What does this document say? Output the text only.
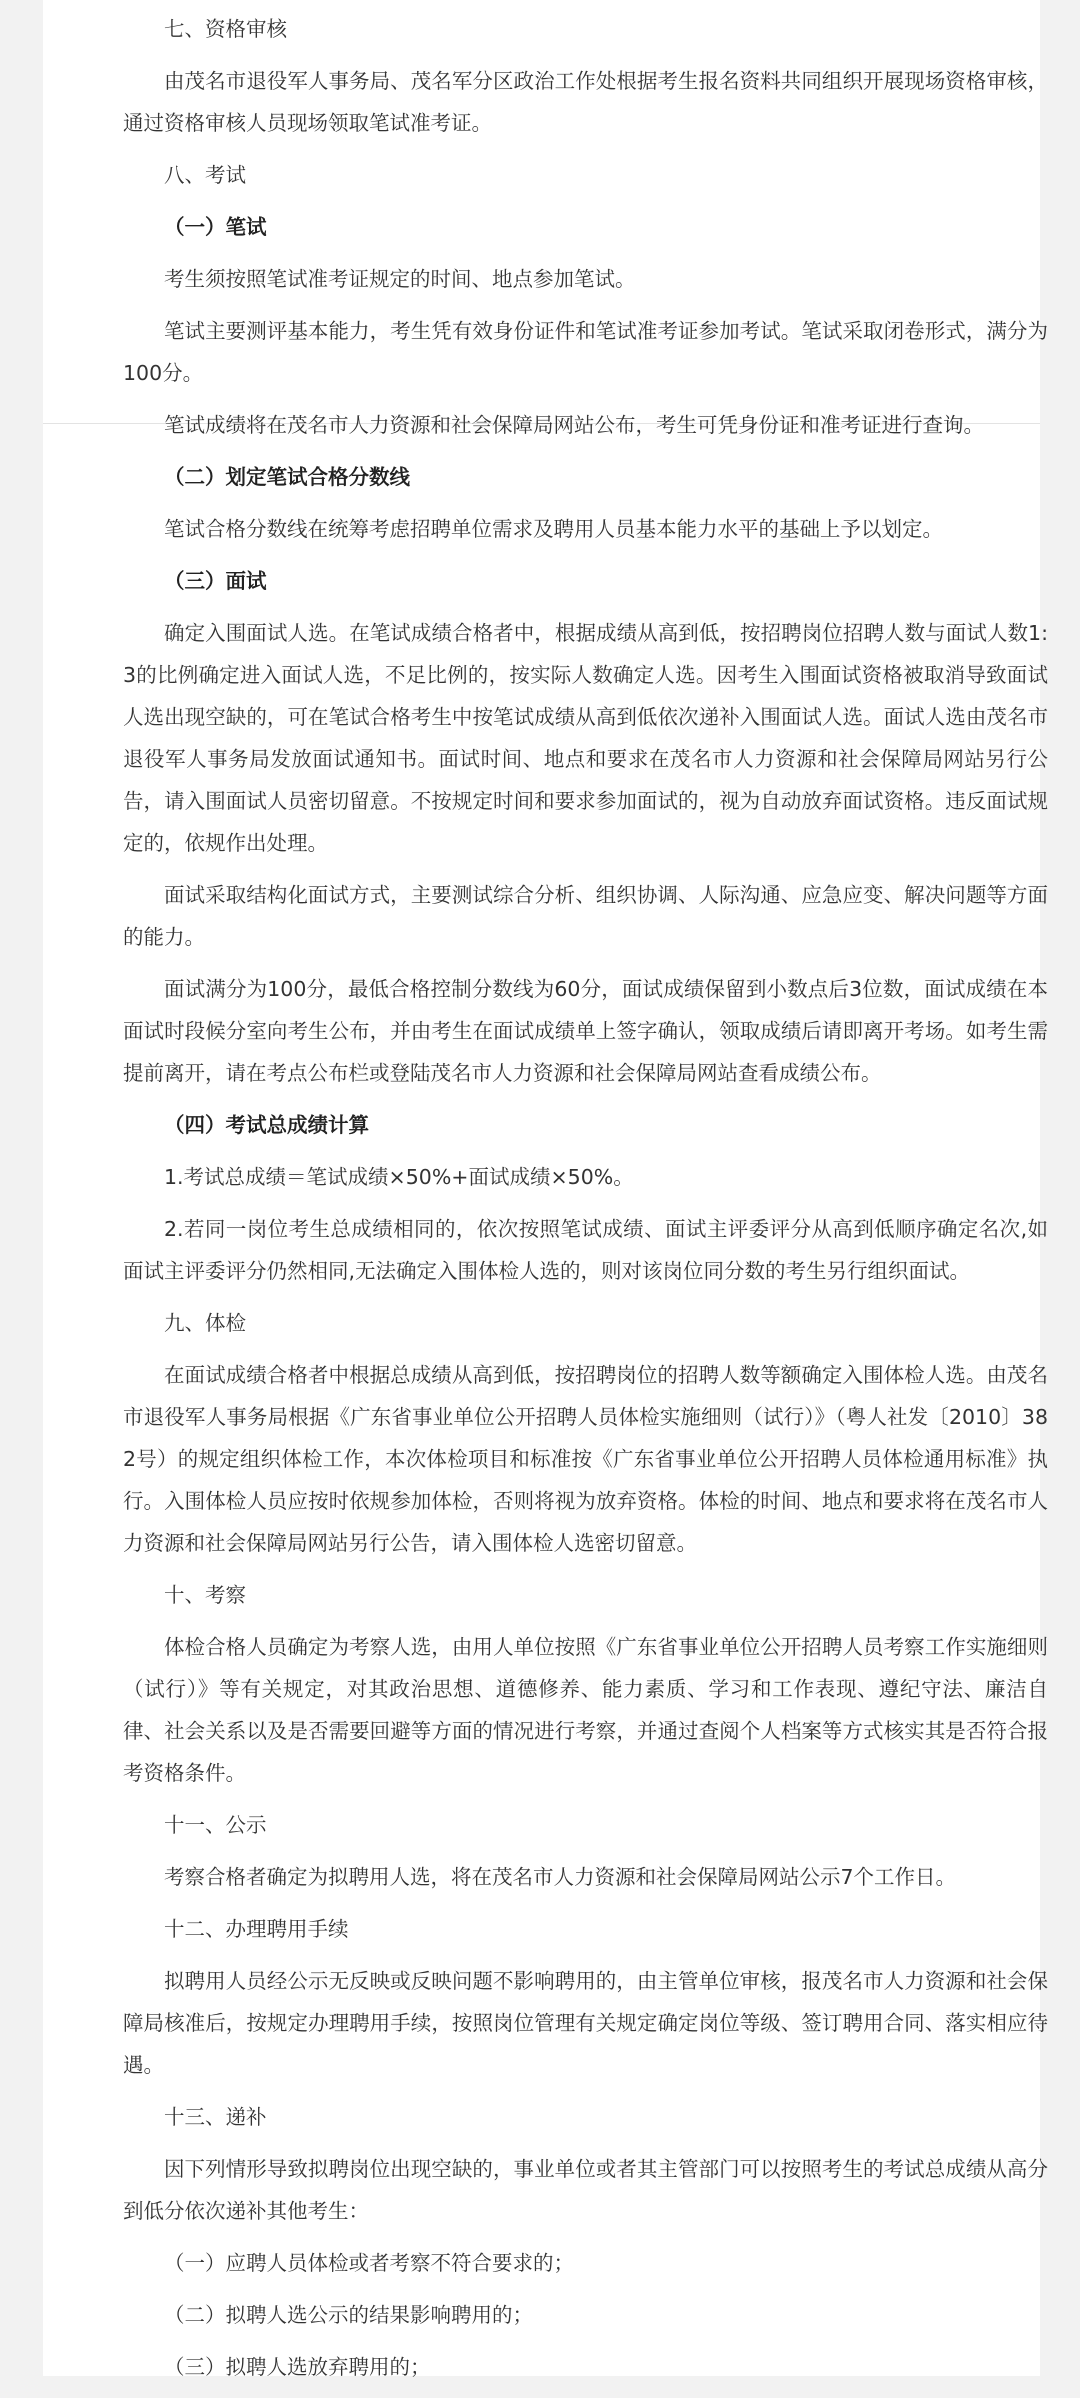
七、资格审核

由茂名市退役军人事务局、茂名军分区政治工作处根据考生报名资料共同组织开展现场资格审核，通过资格审核人员现场领取笔试准考证。

八、考试

（一）笔试

考生须按照笔试准考证规定的时间、地点参加笔试。

笔试主要测评基本能力，考生凭有效身份证件和笔试准考证参加考试。笔试采取闭卷形式，满分为100分。

笔试成绩将在茂名市人力资源和社会保障局网站公布，考生可凭身份证和准考证进行查询。

（二）划定笔试合格分数线

笔试合格分数线在统筹考虑招聘单位需求及聘用人员基本能力水平的基础上予以划定。

（三）面试

确定入围面试人选。在笔试成绩合格者中，根据成绩从高到低，按招聘岗位招聘人数与面试人数1:3的比例确定进入面试人选，不足比例的，按实际人数确定人选。因考生入围面试资格被取消导致面试人选出现空缺的，可在笔试合格考生中按笔试成绩从高到低依次递补入围面试人选。面试人选由茂名市退役军人事务局发放面试通知书。面试时间、地点和要求在茂名市人力资源和社会保障局网站另行公告，请入围面试人员密切留意。不按规定时间和要求参加面试的，视为自动放弃面试资格。违反面试规定的，依规作出处理。

面试采取结构化面试方式，主要测试综合分析、组织协调、人际沟通、应急应变、解决问题等方面的能力。

面试满分为100分，最低合格控制分数线为60分，面试成绩保留到小数点后3位数，面试成绩在本面试时段候分室向考生公布，并由考生在面试成绩单上签字确认，领取成绩后请即离开考场。如考生需提前离开，请在考点公布栏或登陆茂名市人力资源和社会保障局网站查看成绩公布。

（四）考试总成绩计算

1.考试总成绩＝笔试成绩×50%+面试成绩×50%。

2.若同一岗位考生总成绩相同的，依次按照笔试成绩、面试主评委评分从高到低顺序确定名次,如面试主评委评分仍然相同,无法确定入围体检人选的，则对该岗位同分数的考生另行组织面试。

九、体检

在面试成绩合格者中根据总成绩从高到低，按招聘岗位的招聘人数等额确定入围体检人选。由茂名市退役军人事务局根据《广东省事业单位公开招聘人员体检实施细则（试行）》（粤人社发〔2010〕382号）的规定组织体检工作，本次体检项目和标准按《广东省事业单位公开招聘人员体检通用标准》执行。入围体检人员应按时依规参加体检，否则将视为放弃资格。体检的时间、地点和要求将在茂名市人力资源和社会保障局网站另行公告，请入围体检人选密切留意。

十、考察

体检合格人员确定为考察人选，由用人单位按照《广东省事业单位公开招聘人员考察工作实施细则（试行）》等有关规定，对其政治思想、道德修养、能力素质、学习和工作表现、遵纪守法、廉洁自律、社会关系以及是否需要回避等方面的情况进行考察，并通过查阅个人档案等方式核实其是否符合报考资格条件。

十一、公示

考察合格者确定为拟聘用人选，将在茂名市人力资源和社会保障局网站公示7个工作日。

十二、办理聘用手续

拟聘用人员经公示无反映或反映问题不影响聘用的，由主管单位审核，报茂名市人力资源和社会保障局核准后，按规定办理聘用手续，按照岗位管理有关规定确定岗位等级、签订聘用合同、落实相应待遇。

十三、递补

因下列情形导致拟聘岗位出现空缺的，事业单位或者其主管部门可以按照考生的考试总成绩从高分到低分依次递补其他考生：

（一）应聘人员体检或者考察不符合要求的；

（二）拟聘人选公示的结果影响聘用的；

（三）拟聘人选放弃聘用的；
